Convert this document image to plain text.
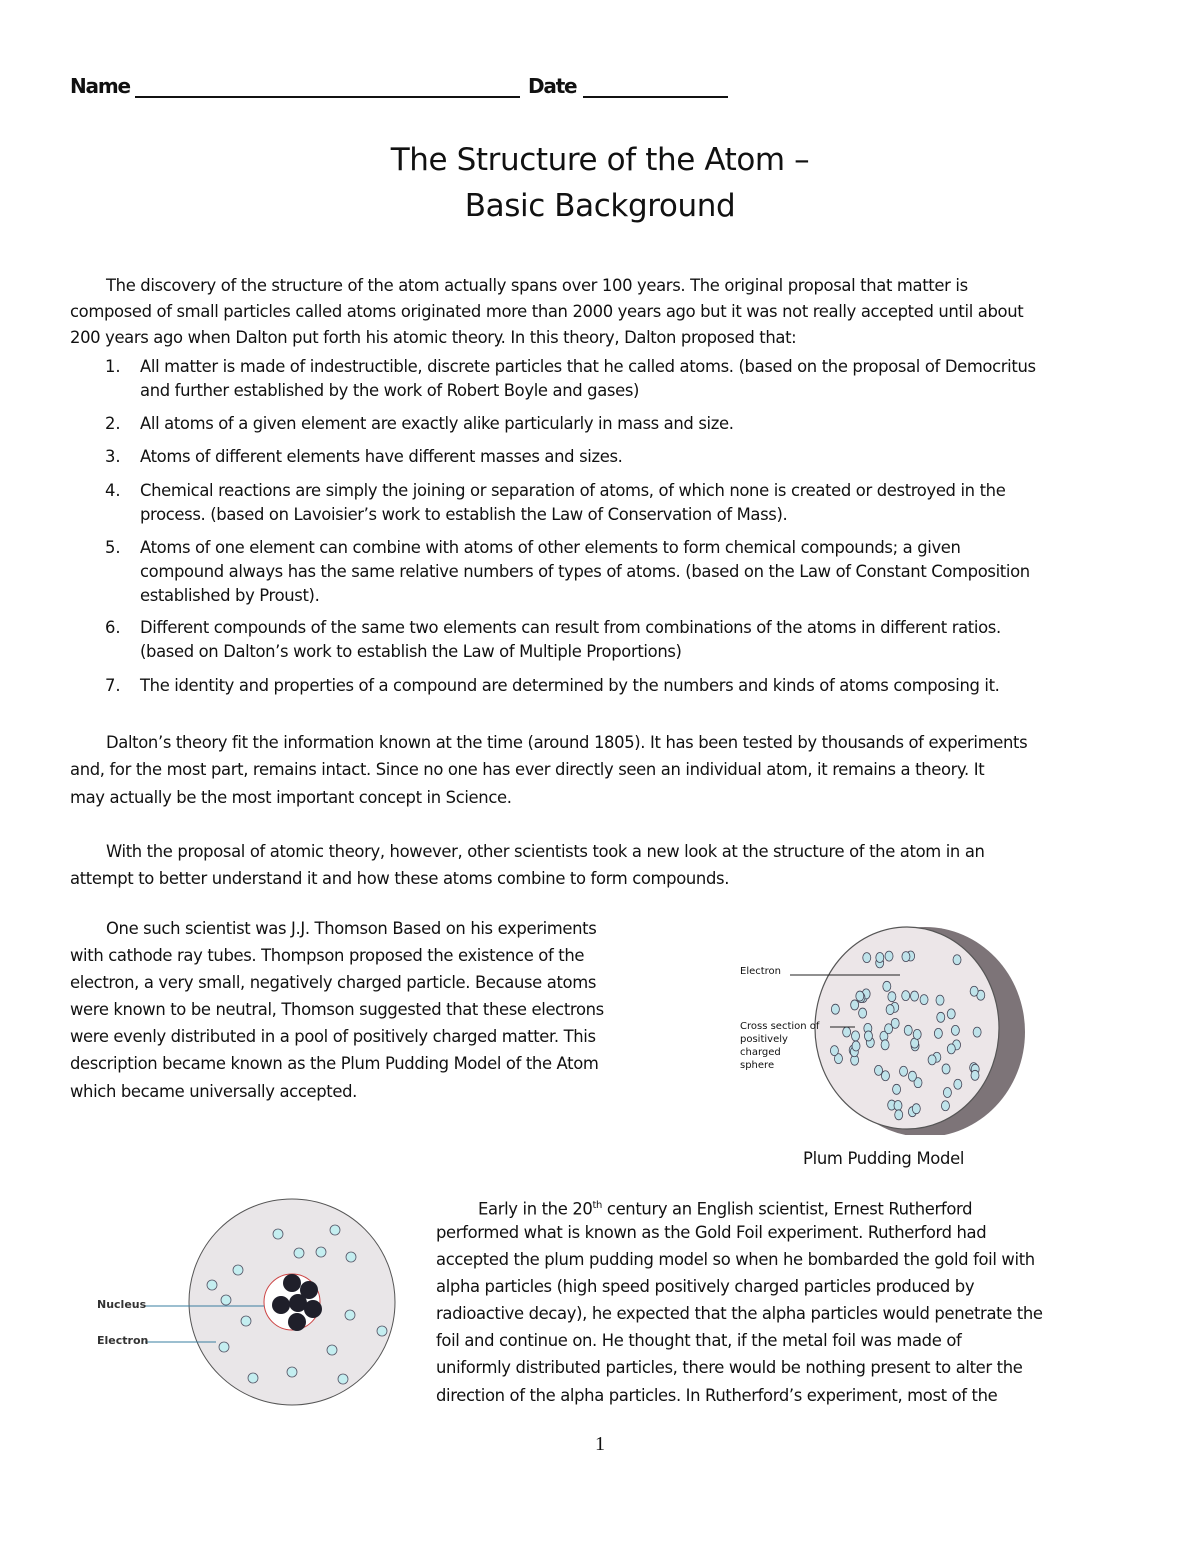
Name	Date
The Structure of the Atom –
Basic Background
The discovery of the structure of the atom actually spans over 100 years. The original proposal that matter is
composed of small particles called atoms originated more than 2000 years ago but it was not really accepted until about
200 years ago when Dalton put forth his atomic theory. In this theory, Dalton proposed that:
1. All matter is made of indestructible, discrete particles that he called atoms. (based on the proposal of Democritus
and further established by the work of Robert Boyle and gases)
2. All atoms of a given element are exactly alike particularly in mass and size.
3. Atoms of different elements have different masses and sizes.
4. Chemical reactions are simply the joining or separation of atoms, of which none is created or destroyed in the
process. (based on Lavoisier’s work to establish the Law of Conservation of Mass).
5. Atoms of one element can combine with atoms of other elements to form chemical compounds; a given
compound always has the same relative numbers of types of atoms. (based on the Law of Constant Composition
established by Proust).
6. Different compounds of the same two elements can result from combinations of the atoms in different ratios.
(based on Dalton’s work to establish the Law of Multiple Proportions)
7. The identity and properties of a compound are determined by the numbers and kinds of atoms composing it.
Dalton’s theory fit the information known at the time (around 1805). It has been tested by thousands of experiments
and, for the most part, remains intact. Since no one has ever directly seen an individual atom, it remains a theory. It
may actually be the most important concept in Science.
With the proposal of atomic theory, however, other scientists took a new look at the structure of the atom in an
attempt to better understand it and how these atoms combine to form compounds.
One such scientist was J.J. Thomson Based on his experiments
with cathode ray tubes. Thompson proposed the existence of the
electron, a very small, negatively charged particle. Because atoms
were known to be neutral, Thomson suggested that these electrons
were evenly distributed in a pool of positively charged matter. This
description became known as the Plum Pudding Model of the Atom
which became universally accepted.
Electron
Cross section of
positively
charged
sphere
Plum Pudding Model
Nucleus
Electron
Early in the 20th century an English scientist, Ernest Rutherford
performed what is known as the Gold Foil experiment. Rutherford had
accepted the plum pudding model so when he bombarded the gold foil with
alpha particles (high speed positively charged particles produced by
radioactive decay), he expected that the alpha particles would penetrate the
foil and continue on. He thought that, if the metal foil was made of
uniformly distributed particles, there would be nothing present to alter the
direction of the alpha particles. In Rutherford’s experiment, most of the
1
